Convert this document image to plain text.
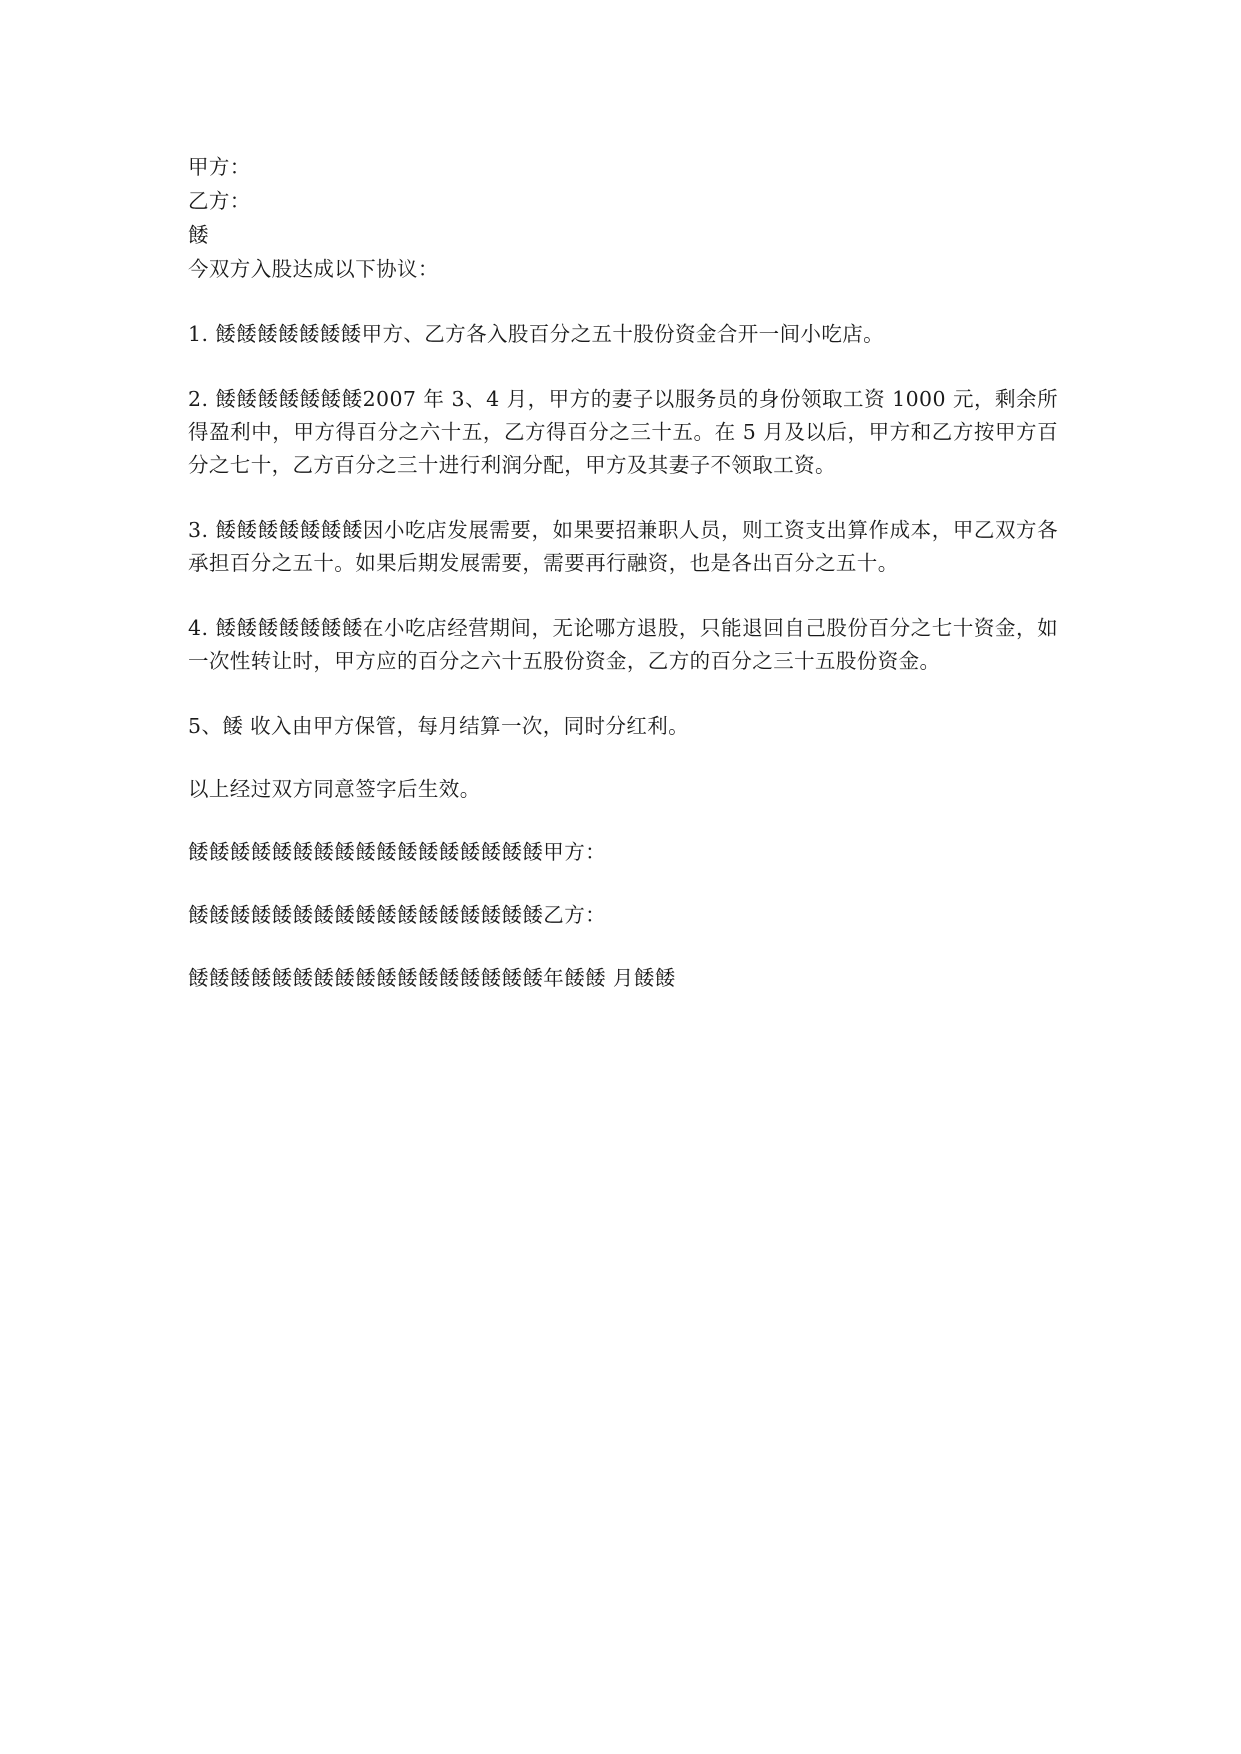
甲方：
乙方：
餧
今双方入股达成以下协议：
1. 餧餧餧餧餧餧餧甲方、乙方各入股百分之五十股份资金合开一间小吃店。
2. 餧餧餧餧餧餧餧2007 年 3、4 月，甲方的妻子以服务员的身份领取工资 1000 元，剩余所得盈利中，甲方得百分之六十五，乙方得百分之三十五。在 5 月及以后，甲方和乙方按甲方百分之七十，乙方百分之三十进行利润分配，甲方及其妻子不领取工资。
3. 餧餧餧餧餧餧餧因小吃店发展需要，如果要招兼职人员，则工资支出算作成本，甲乙双方各承担百分之五十。如果后期发展需要，需要再行融资，也是各出百分之五十。
4. 餧餧餧餧餧餧餧在小吃店经营期间，无论哪方退股，只能退回自己股份百分之七十资金，如一次性转让时，甲方应的百分之六十五股份资金，乙方的百分之三十五股份资金。
5、餧 收入由甲方保管，每月结算一次，同时分红利。
以上经过双方同意签字后生效。
餧餧餧餧餧餧餧餧餧餧餧餧餧餧餧餧餧甲方：
餧餧餧餧餧餧餧餧餧餧餧餧餧餧餧餧餧乙方：
餧餧餧餧餧餧餧餧餧餧餧餧餧餧餧餧餧年餧餧 月餧餧
